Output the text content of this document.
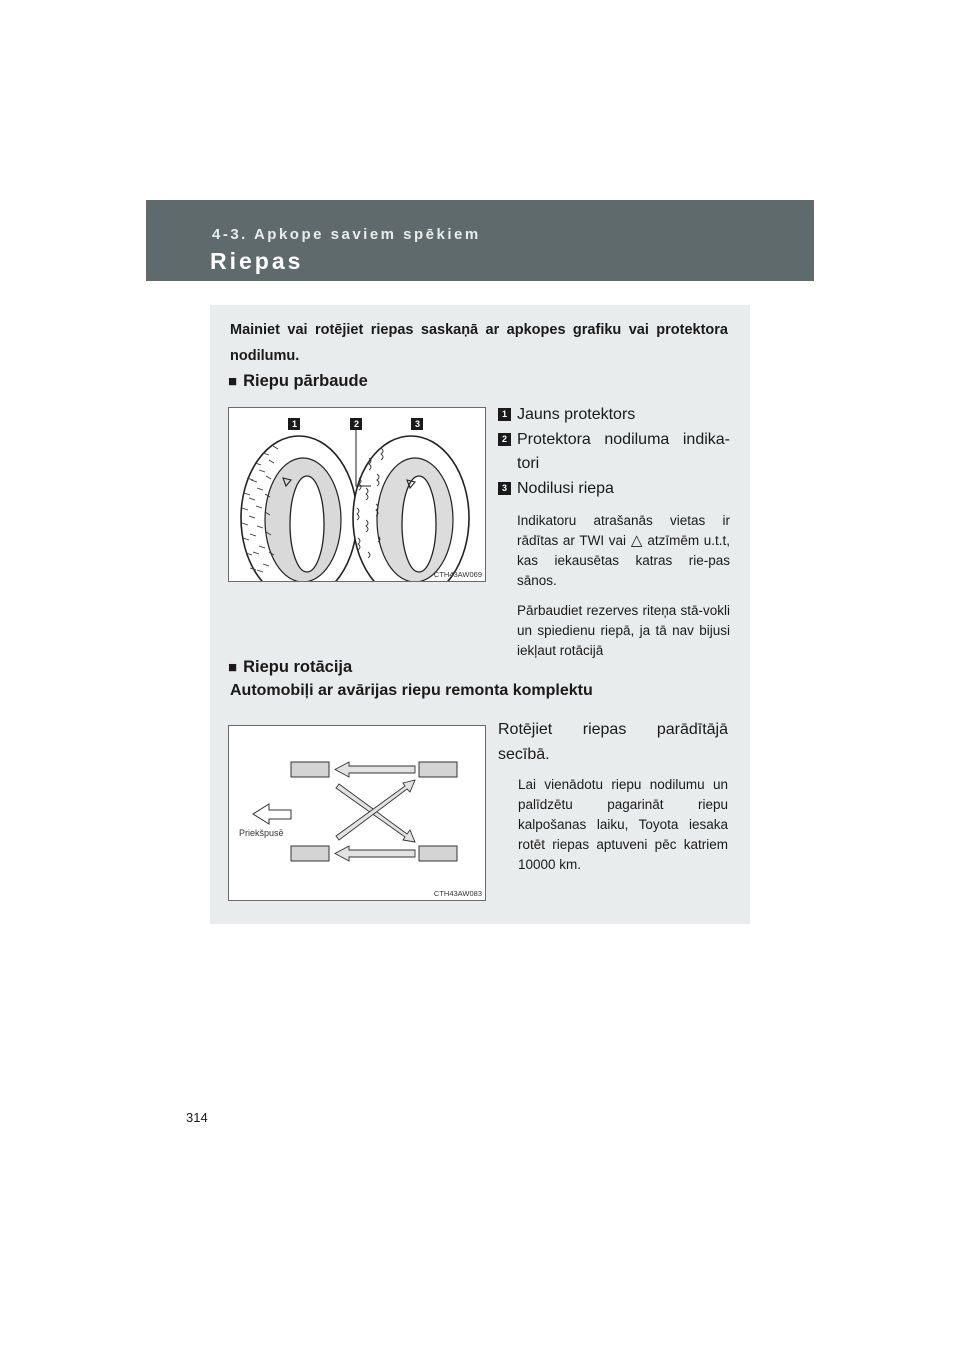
4-3. Apkope saviem spēkiem
Riepas
Mainiet vai rotējiet riepas saskaņā ar apkopes grafiku vai protektora nodilumu.
■ Riepu pārbaude
1	2	3
CTH43AW069
1 Jauns protektors
2 Protektora nodiluma indika-tori
3 Nodilusi riepa
Indikatoru atrašanās vietas ir rādītas ar TWI vai △ atzīmēm u.t.t, kas iekausētas katras rie-pas sānos.
Pārbaudiet rezerves riteņa stā-vokli un spiedienu riepā, ja tā nav bijusi iekļaut rotācijā
■ Riepu rotācija
Automobiļi ar avārijas riepu remonta komplektu
Priekšpusē
CTH43AW083
Rotējiet riepas parādītājā secībā.
Lai vienādotu riepu nodilumu un palīdzētu pagarināt riepu kalpošanas laiku, Toyota iesaka rotēt riepas aptuveni pēc katriem 10000 km.
314
